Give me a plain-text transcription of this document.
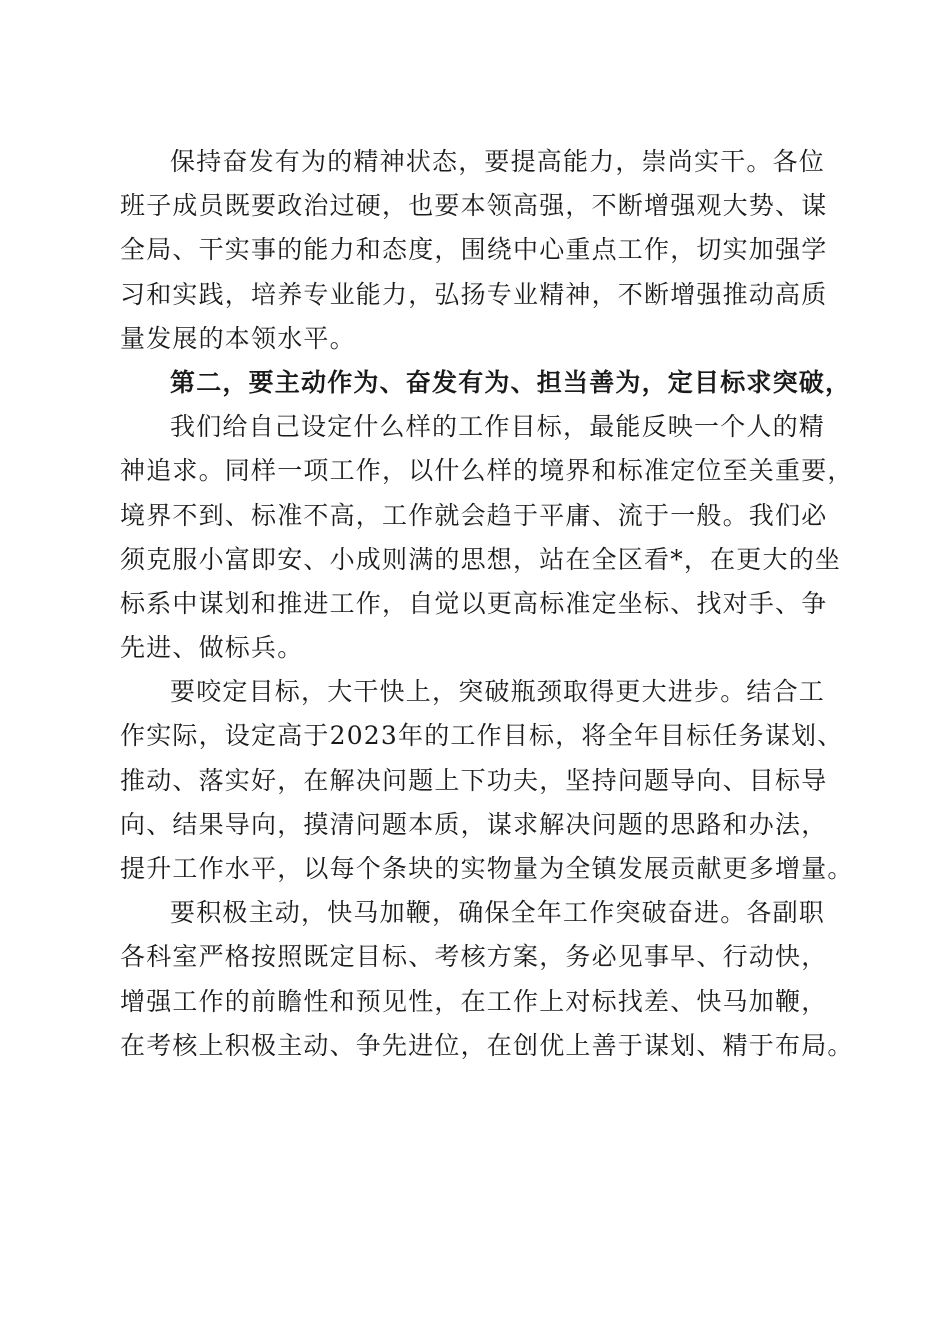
保持奋发有为的精神状态，要提高能力，崇尚实干。各位
班子成员既要政治过硬，也要本领高强，不断增强观大势、谋
全局、干实事的能力和态度，围绕中心重点工作，切实加强学
习和实践，培养专业能力，弘扬专业精神，不断增强推动高质
量发展的本领水平。
第二，要主动作为、奋发有为、担当善为，定目标求突破，
我们给自己设定什么样的工作目标，最能反映一个人的精
神追求。同样一项工作，以什么样的境界和标准定位至关重要，
境界不到、标准不高，工作就会趋于平庸、流于一般。我们必
须克服小富即安、小成则满的思想，站在全区看*，在更大的坐
标系中谋划和推进工作，自觉以更高标准定坐标、找对手、争
先进、做标兵。
要咬定目标，大干快上，突破瓶颈取得更大进步。结合工
作实际，设定高于2023年的工作目标，将全年目标任务谋划、
推动、落实好，在解决问题上下功夫，坚持问题导向、目标导
向、结果导向，摸清问题本质，谋求解决问题的思路和办法，
提升工作水平，以每个条块的实物量为全镇发展贡献更多增量。
要积极主动，快马加鞭，确保全年工作突破奋进。各副职
各科室严格按照既定目标、考核方案，务必见事早、行动快，
增强工作的前瞻性和预见性，在工作上对标找差、快马加鞭，
在考核上积极主动、争先进位，在创优上善于谋划、精于布局。
